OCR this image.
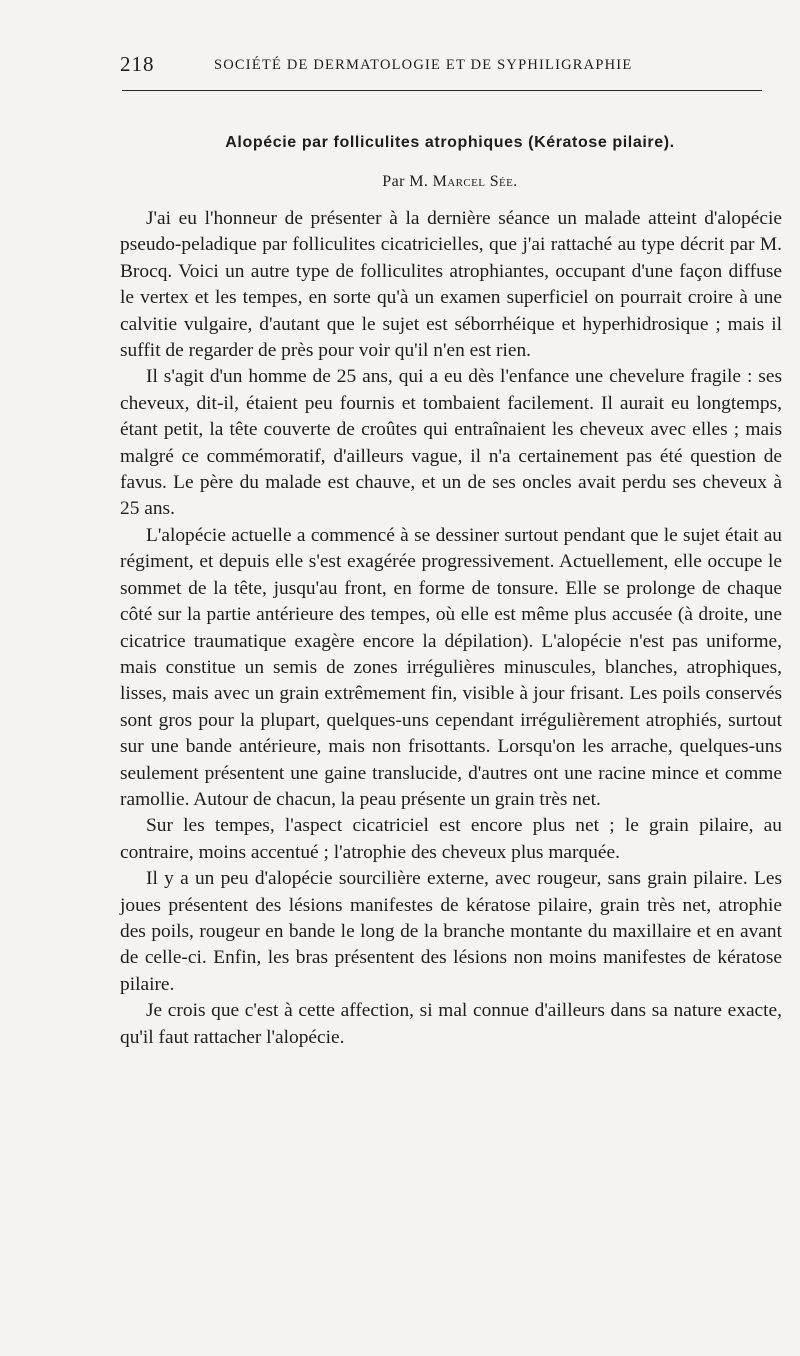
218	SOCIÉTÉ DE DERMATOLOGIE ET DE SYPHILIGRAPHIE
Alopécie par folliculites atrophiques (Kératose pilaire).
Par M. Marcel Sée.

J'ai eu l'honneur de présenter à la dernière séance un malade atteint d'alopécie pseudo-peladique par folliculites cicatricielles, que j'ai rattaché au type décrit par M. Brocq. Voici un autre type de folliculites atrophiantes, occupant d'une façon diffuse le vertex et les tempes, en sorte qu'à un examen superficiel on pourrait croire à une calvitie vulgaire, d'autant que le sujet est séborrhéique et hyperhidrosique ; mais il suffit de regarder de près pour voir qu'il n'en est rien.

Il s'agit d'un homme de 25 ans, qui a eu dès l'enfance une chevelure fragile : ses cheveux, dit-il, étaient peu fournis et tombaient facilement. Il aurait eu longtemps, étant petit, la tête couverte de croûtes qui entraînaient les cheveux avec elles ; mais malgré ce commémoratif, d'ailleurs vague, il n'a certainement pas été question de favus. Le père du malade est chauve, et un de ses oncles avait perdu ses cheveux à 25 ans.

L'alopécie actuelle a commencé à se dessiner surtout pendant que le sujet était au régiment, et depuis elle s'est exagérée progressivement. Actuellement, elle occupe le sommet de la tête, jusqu'au front, en forme de tonsure. Elle se prolonge de chaque côté sur la partie antérieure des tempes, où elle est même plus accusée (à droite, une cicatrice traumatique exagère encore la dépilation). L'alopécie n'est pas uniforme, mais constitue un semis de zones irrégulières minuscules, blanches, atrophiques, lisses, mais avec un grain extrêmement fin, visible à jour frisant. Les poils conservés sont gros pour la plupart, quelques-uns cependant irrégulièrement atrophiés, surtout sur une bande antérieure, mais non frisottants. Lorsqu'on les arrache, quelques-uns seulement présentent une gaine translucide, d'autres ont une racine mince et comme ramollie. Autour de chacun, la peau présente un grain très net.

Sur les tempes, l'aspect cicatriciel est encore plus net ; le grain pilaire, au contraire, moins accentué ; l'atrophie des cheveux plus marquée.

Il y a un peu d'alopécie sourcilière externe, avec rougeur, sans grain pilaire. Les joues présentent des lésions manifestes de kératose pilaire, grain très net, atrophie des poils, rougeur en bande le long de la branche montante du maxillaire et en avant de celle-ci. Enfin, les bras présentent des lésions non moins manifestes de kératose pilaire.

Je crois que c'est à cette affection, si mal connue d'ailleurs dans sa nature exacte, qu'il faut rattacher l'alopécie.
